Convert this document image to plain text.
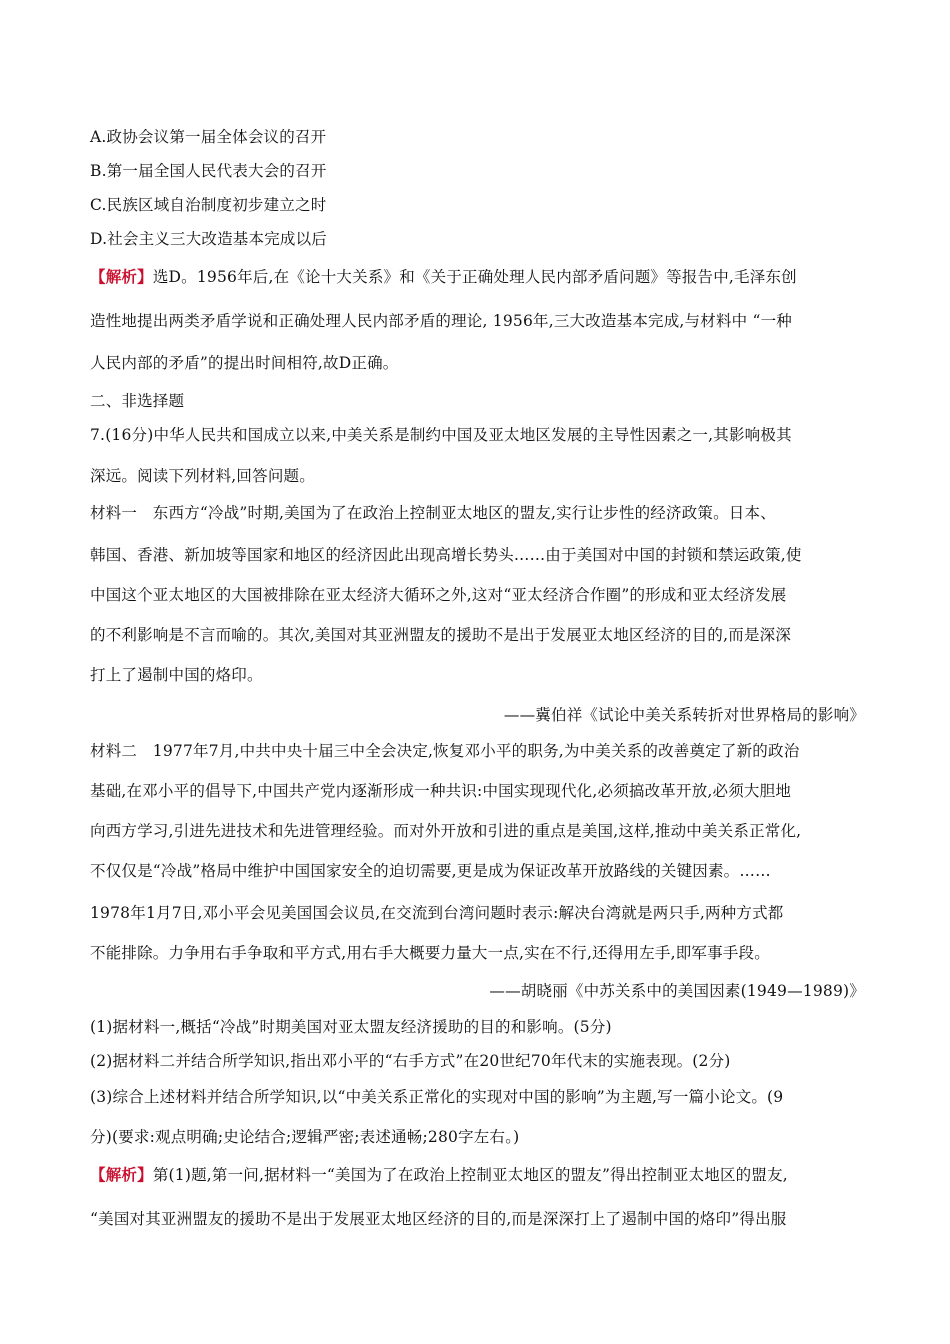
A.政协会议第一届全体会议的召开
B.第一届全国人民代表大会的召开
C.民族区域自治制度初步建立之时
D.社会主义三大改造基本完成以后
【解析】选D。1956年后,在《论十大关系》和《关于正确处理人民内部矛盾问题》等报告中,毛泽东创
造性地提出两类矛盾学说和正确处理人民内部矛盾的理论, 1956年,三大改造基本完成,与材料中 “一种
人民内部的矛盾”的提出时间相符,故D正确。
二、非选择题
7.(16分)中华人民共和国成立以来,中美关系是制约中国及亚太地区发展的主导性因素之一,其影响极其
深远。阅读下列材料,回答问题。
材料一　东西方“冷战”时期,美国为了在政治上控制亚太地区的盟友,实行让步性的经济政策。日本、
韩国、香港、新加坡等国家和地区的经济因此出现高增长势头……由于美国对中国的封锁和禁运政策,使
中国这个亚太地区的大国被排除在亚太经济大循环之外,这对“亚太经济合作圈”的形成和亚太经济发展
的不利影响是不言而喻的。其次,美国对其亚洲盟友的援助不是出于发展亚太地区经济的目的,而是深深
打上了遏制中国的烙印。
——冀伯祥《试论中美关系转折对世界格局的影响》
材料二　1977年7月,中共中央十届三中全会决定,恢复邓小平的职务,为中美关系的改善奠定了新的政治
基础,在邓小平的倡导下,中国共产党内逐渐形成一种共识:中国实现现代化,必须搞改革开放,必须大胆地
向西方学习,引进先进技术和先进管理经验。而对外开放和引进的重点是美国,这样,推动中美关系正常化,
不仅仅是“冷战”格局中维护中国国家安全的迫切需要,更是成为保证改革开放路线的关键因素。……
1978年1月7日,邓小平会见美国国会议员,在交流到台湾问题时表示:解决台湾就是两只手,两种方式都
不能排除。力争用右手争取和平方式,用右手大概要力量大一点,实在不行,还得用左手,即军事手段。
——胡晓丽《中苏关系中的美国因素(1949—1989)》
(1)据材料一,概括“冷战”时期美国对亚太盟友经济援助的目的和影响。(5分)
(2)据材料二并结合所学知识,指出邓小平的“右手方式”在20世纪70年代末的实施表现。(2分)
(3)综合上述材料并结合所学知识,以“中美关系正常化的实现对中国的影响”为主题,写一篇小论文。(9
分)(要求:观点明确;史论结合;逻辑严密;表述通畅;280字左右。)
【解析】第(1)题,第一问,据材料一“美国为了在政治上控制亚太地区的盟友”得出控制亚太地区的盟友,
“美国对其亚洲盟友的援助不是出于发展亚太地区经济的目的,而是深深打上了遏制中国的烙印”得出服
